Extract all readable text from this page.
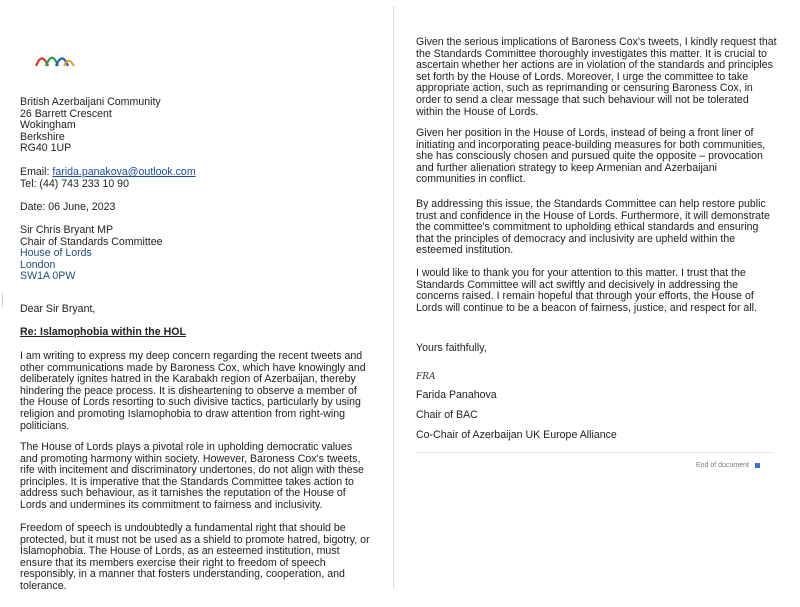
British Azerbaijani Community
26 Barrett Crescent
Wokingham
Berkshire
RG40 1UP

Email: farida.panakova@outlook.com
Tel: (44) 743 233 10 90

Date: 06 June, 2023

Sir Chris Bryant MP
Chair of Standards Committee
House of Lords
London
SW1A 0PW

Dear Sir Bryant,

Re: Islamophobia within the HOL

I am writing to express my deep concern regarding the recent tweets and other communications made by Baroness Cox, which have knowingly and deliberately ignites hatred in the Karabakh region of Azerbaijan, thereby hindering the peace process. It is disheartening to observe a member of the House of Lords resorting to such divisive tactics, particularly by using religion and promoting Islamophobia to draw attention from right-wing politicians.

The House of Lords plays a pivotal role in upholding democratic values and promoting harmony within society. However, Baroness Cox's tweets, rife with incitement and discriminatory undertones, do not align with these principles. It is imperative that the Standards Committee takes action to address such behaviour, as it tarnishes the reputation of the House of Lords and undermines its commitment to fairness and inclusivity.

Freedom of speech is undoubtedly a fundamental right that should be protected, but it must not be used as a shield to promote hatred, bigotry, or Islamophobia. The House of Lords, as an esteemed institution, must ensure that its members exercise their right to freedom of speech responsibly, in a manner that fosters understanding, cooperation, and tolerance.

Given the serious implications of Baroness Cox's tweets, I kindly request that the Standards Committee thoroughly investigates this matter. It is crucial to ascertain whether her actions are in violation of the standards and principles set forth by the House of Lords. Moreover, I urge the committee to take appropriate action, such as reprimanding or censuring Baroness Cox, in order to send a clear message that such behaviour will not be tolerated within the House of Lords.

Given her position in the House of Lords, instead of being a front liner of initiating and incorporating peace-building measures for both communities, she has consciously chosen and pursued quite the opposite – provocation and further alienation strategy to keep Armenian and Azerbaijani communities in conflict.

By addressing this issue, the Standards Committee can help restore public trust and confidence in the House of Lords. Furthermore, it will demonstrate the committee's commitment to upholding ethical standards and ensuring that the principles of democracy and inclusivity are upheld within the esteemed institution.

I would like to thank you for your attention to this matter. I trust that the Standards Committee will act swiftly and decisively in addressing the concerns raised. I remain hopeful that through your efforts, the House of Lords will continue to be a beacon of fairness, justice, and respect for all.

Yours faithfully,

FRA

Farida Panahova

Chair of BAC

Co-Chair of Azerbaijan UK Europe Alliance

End of document
